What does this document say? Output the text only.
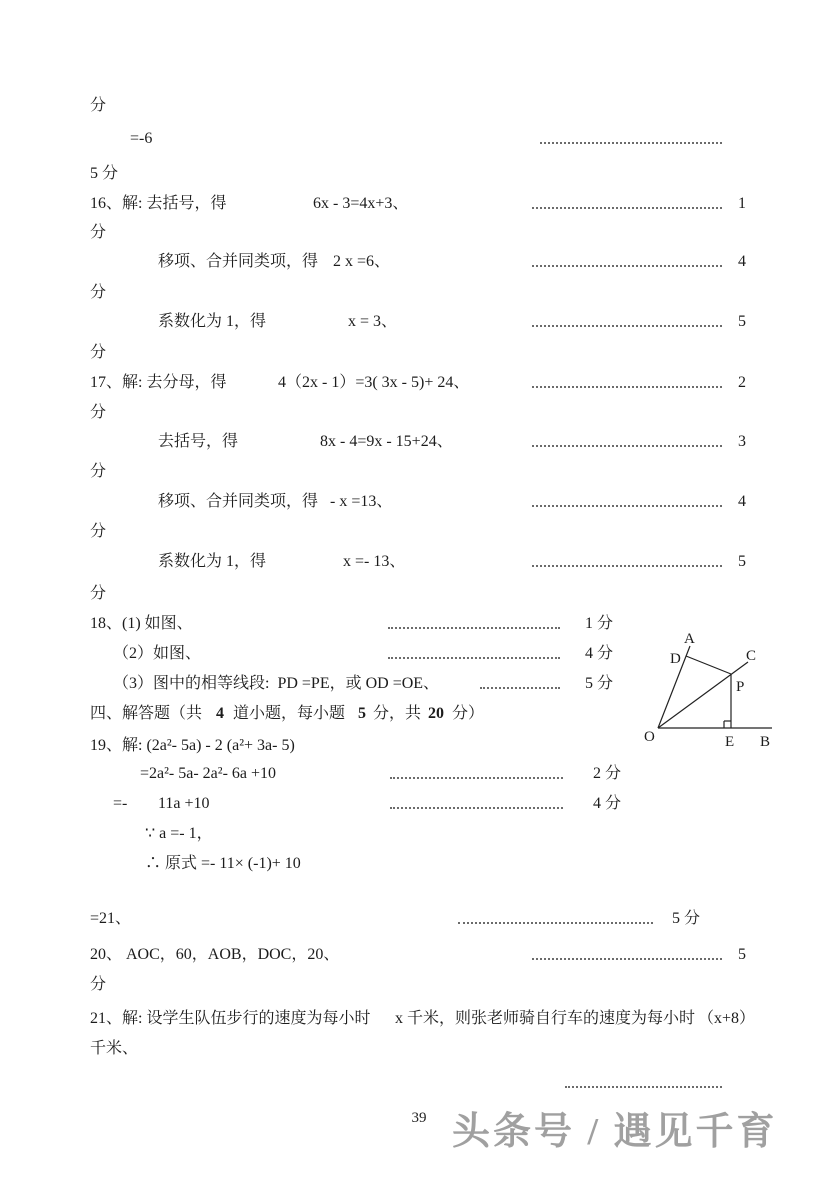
分
=-6
5 分
16、解: 去括号，得	6x - 3=4x+3、	1
分
移项、合并同类项，得 2 x =6、	4
分
系数化为 1，得	x = 3、	5
分
17、解: 去分母，得	4（2x - 1）=3( 3x - 5)+ 24、	2
分
去括号，得	8x - 4=9x - 15+24、	3
分
移项、合并同类项，得 - x =13、	4
分
系数化为 1，得	x =- 13、	5
分
18、(1) 如图、	1 分
（2）如图、	4 分
（3）图中的相等线段:  PD =PE，或 OD =OE、	5 分
四、解答题（共 4 道小题，每小题 5 分，共 20 分）
19、解: (2a²- 5a) - 2 (a²+ 3a- 5)
=2a²- 5a- 2a²- 6a +10	2 分
=- 11a +10	4 分
∵ a =- 1，
∴ 原式 =- 11× (-1)+ 10
=21、	5 分
20、 AOC，60，AOB，DOC，20、	5
分
21、解: 设学生队伍步行的速度为每小时 x 千米，则张老师骑自行车的速度为每小时 （x+8）
千米、
A
D	C
P
O	E B
39 头条号 / 遇见千育
